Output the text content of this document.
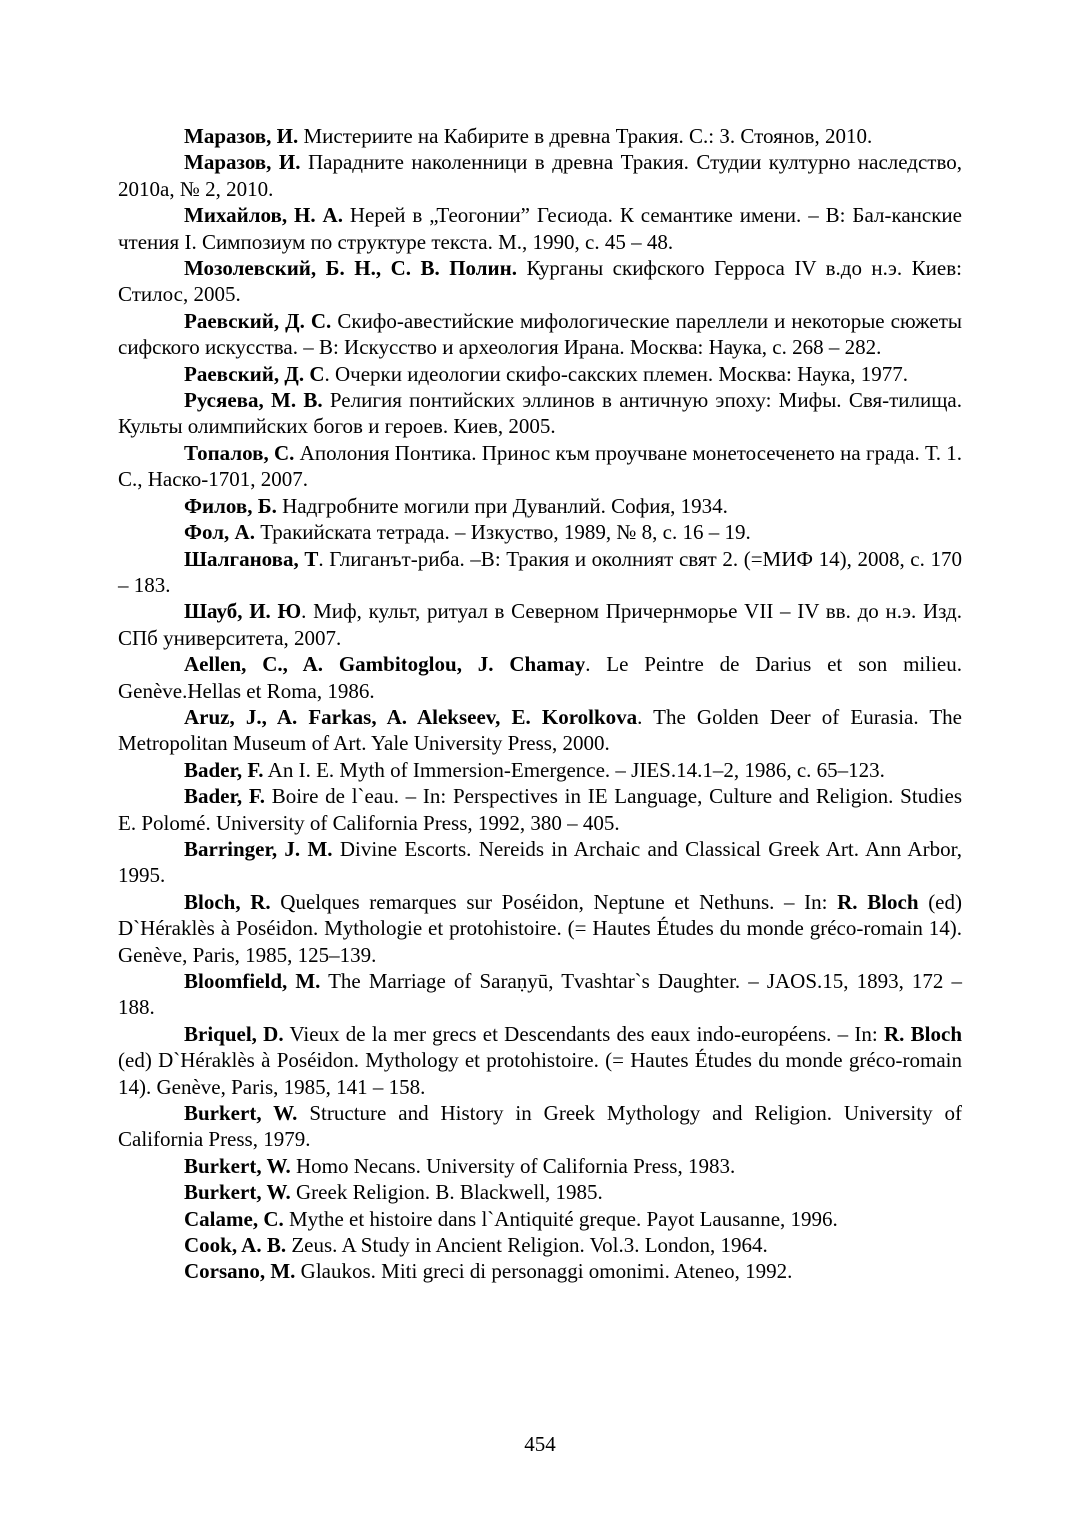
Маразов, И. Мистериите на Кабирите в древна Тракия. С.: З. Стоянов, 2010.

Маразов, И. Парадните наколенници в древна Тракия. Студии културно наследство, 2010а, № 2, 2010.

Михайлов, Н. А. Нерей в „Теогонии” Гесиода. К семантике имени. – В: Бал-канские чтения I. Симпозиум по структуре текста. М., 1990, с. 45 – 48.

Мозолевский, Б. Н., С. В. Полин. Курганы скифского Герроса IV в.до н.э. Киев: Стилос, 2005.

Раевский, Д. С. Скифо-авестийские мифологические пареллели и некоторые сюжеты сифского искусства. – В: Искусство и археология Ирана. Москва: Наука, с. 268 – 282.

Раевский, Д. С. Очерки идеологии скифо-сакских племен. Москва: Наука, 1977.

Русяева, М. В. Религия понтийских эллинов в античную эпоху: Мифы. Свя-тилища. Культы олимпийских богов и героев. Киев, 2005.

Топалов, С. Аполония Понтика. Принос към проучване монетосеченето на града. Т. 1. С., Наско-1701, 2007.

Филов, Б. Надгробните могили при Дуванлий. София, 1934.

Фол, А. Тракийската тетрада. – Изкуство, 1989, № 8, с. 16 – 19.

Шалганова, Т. Глиганът-риба. –В: Тракия и околният свят 2. (=МИФ 14), 2008, с. 170 – 183.

Шауб, И. Ю. Миф, культ, ритуал в Северном Причернморье VII – IV вв. до н.э. Изд. СПб университета, 2007.

Aellen, C., A. Gambitoglou, J. Chamay. Le Peintre de Darius et son milieu. Genève.Hellas et Roma, 1986.

Aruz, J., A. Farkas, A. Alekseev, E. Korolkova. The Golden Deer of Eurasia. The Metropolitan Museum of Art. Yale University Press, 2000.

Bader, F. An I. E. Myth of Immersion-Emergence. – JIES.14.1–2, 1986, c. 65–123.

Bader, F. Boire de l`eau. – In: Perspectives in IE Language, Culture and Religion. Studies E. Polomé. University of California Press, 1992, 380 – 405.

Barringer, J. M. Divine Escorts. Nereids in Archaic and Classical Greek Art. Ann Arbor, 1995.

Bloch, R. Quelques remarques sur Poséidon, Neptune et Nethuns. – In: R. Bloch (ed) D`Héraklès à Poséidon. Mythologie et protohistoire. (= Hautes Études du monde gréco-romain 14). Genève, Paris, 1985, 125–139.

Bloomfield, M. The Marriage of Saraṇyū, Tvashtar`s Daughter. – JAOS.15, 1893, 172 – 188.

Briquel, D. Vieux de la mer grecs et Descendants des eaux indo-européens. – In: R. Bloch (ed) D`Héraklès à Poséidon. Mythology et protohistoire. (= Hautes Études du monde gréco-romain 14). Genève, Paris, 1985, 141 – 158.

Burkert, W. Structure and History in Greek Mythology and Religion. University of California Press, 1979.

Burkert, W. Homo Necans. University of California Press, 1983.

Burkert, W. Greek Religion. B. Blackwell, 1985.

Calame, C. Mythe et histoire dans l`Antiquité greque. Payot Lausanne, 1996.

Cook, A. B. Zeus. A Study in Ancient Religion. Vol.3. London, 1964.

Corsano, M. Glaukos. Miti greci di personaggi omonimi. Ateneo, 1992.

454
